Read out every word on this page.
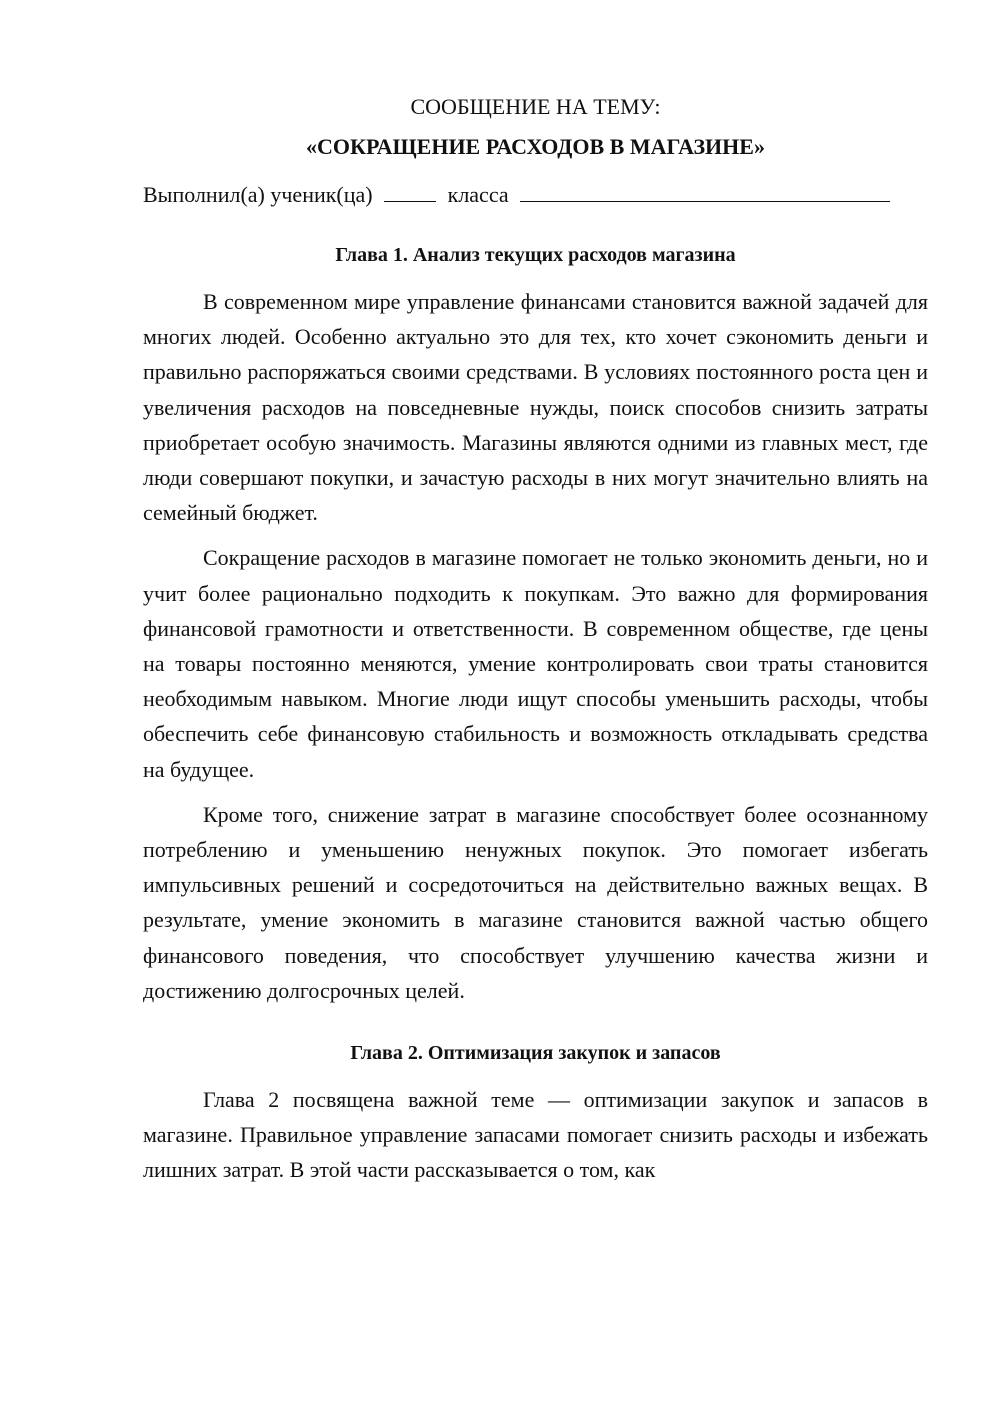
СООБЩЕНИЕ НА ТЕМУ:

«СОКРАЩЕНИЕ РАСХОДОВ В МАГАЗИНЕ»

Выполнил(а) ученик(ца)	класса

Глава 1. Анализ текущих расходов магазина

В современном мире управление финансами становится важной задачей для многих людей. Особенно актуально это для тех, кто хочет сэкономить деньги и правильно распоряжаться своими средствами. В условиях постоянного роста цен и увеличения расходов на повседневные нужды, поиск способов снизить затраты приобретает особую значимость. Магазины являются одними из главных мест, где люди совершают покупки, и зачастую расходы в них могут значительно влиять на семейный бюджет.

Сокращение расходов в магазине помогает не только экономить деньги, но и учит более рационально подходить к покупкам. Это важно для формирования финансовой грамотности и ответственности. В современном обществе, где цены на товары постоянно меняются, умение контролировать свои траты становится необходимым навыком. Многие люди ищут способы уменьшить расходы, чтобы обеспечить себе финансовую стабильность и возможность откладывать средства на будущее.

Кроме того, снижение затрат в магазине способствует более осознанному потреблению и уменьшению ненужных покупок. Это помогает избегать импульсивных решений и сосредоточиться на действительно важных вещах. В результате, умение экономить в магазине становится важной частью общего финансового поведения, что способствует улучшению качества жизни и достижению долгосрочных целей.

Глава 2. Оптимизация закупок и запасов

Глава 2 посвящена важной теме — оптимизации закупок и запасов в магазине. Правильное управление запасами помогает снизить расходы и избежать лишних затрат. В этой части рассказывается о том, как
